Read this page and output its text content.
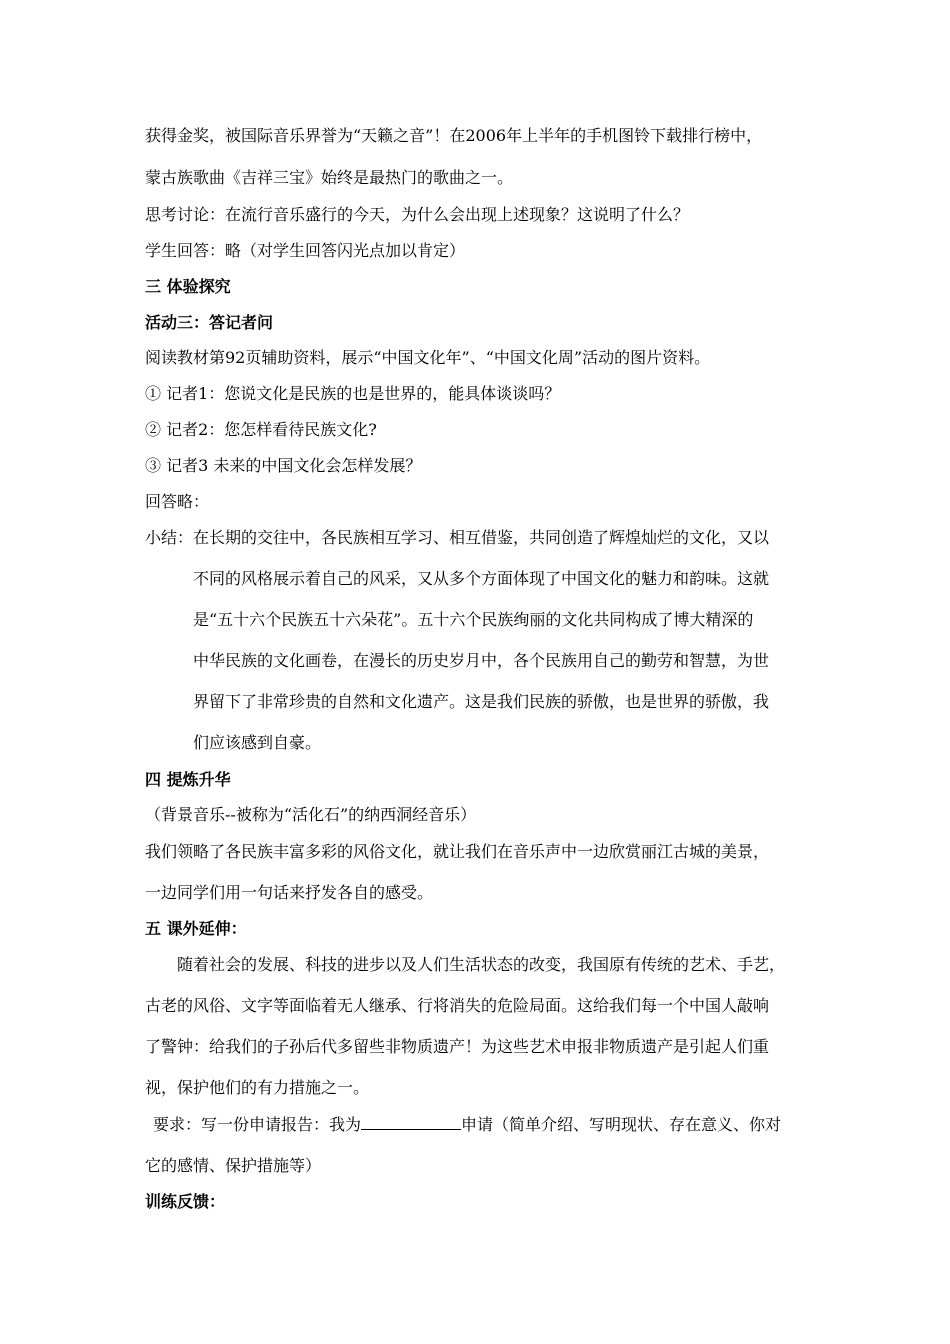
获得金奖，被国际音乐界誉为“天籁之音”！在2006年上半年的手机图铃下载排行榜中，
蒙古族歌曲《吉祥三宝》始终是最热门的歌曲之一。
思考讨论：在流行音乐盛行的今天，为什么会出现上述现象？这说明了什么？
学生回答：略（对学生回答闪光点加以肯定）
三 体验探究
活动三：答记者问
阅读教材第92页辅助资料，展示“中国文化年”、“中国文化周”活动的图片资料。
① 记者1：您说文化是民族的也是世界的，能具体谈谈吗？
② 记者2：您怎样看待民族文化?
③ 记者3 未来的中国文化会怎样发展？
回答略：
小结：在长期的交往中，各民族相互学习、相互借鉴，共同创造了辉煌灿烂的文化，又以
不同的风格展示着自己的风采，又从多个方面体现了中国文化的魅力和韵味。这就
是“五十六个民族五十六朵花”。五十六个民族绚丽的文化共同构成了博大精深的
中华民族的文化画卷，在漫长的历史岁月中，各个民族用自己的勤劳和智慧，为世
界留下了非常珍贵的自然和文化遗产。这是我们民族的骄傲，也是世界的骄傲，我
们应该感到自豪。
四 提炼升华
（背景音乐--被称为“活化石”的纳西洞经音乐）
我们领略了各民族丰富多彩的风俗文化，就让我们在音乐声中一边欣赏丽江古城的美景，
一边同学们用一句话来抒发各自的感受。
五 课外延伸：
随着社会的发展、科技的进步以及人们生活状态的改变，我国原有传统的艺术、手艺，
古老的风俗、文字等面临着无人继承、行将消失的危险局面。这给我们每一个中国人敲响
了警钟：给我们的子孙后代多留些非物质遗产！为这些艺术申报非物质遗产是引起人们重
视，保护他们的有力措施之一。
要求：写一份申请报告：我为	申请（简单介绍、写明现状、存在意义、你对
它的感情、保护措施等）
训练反馈：
